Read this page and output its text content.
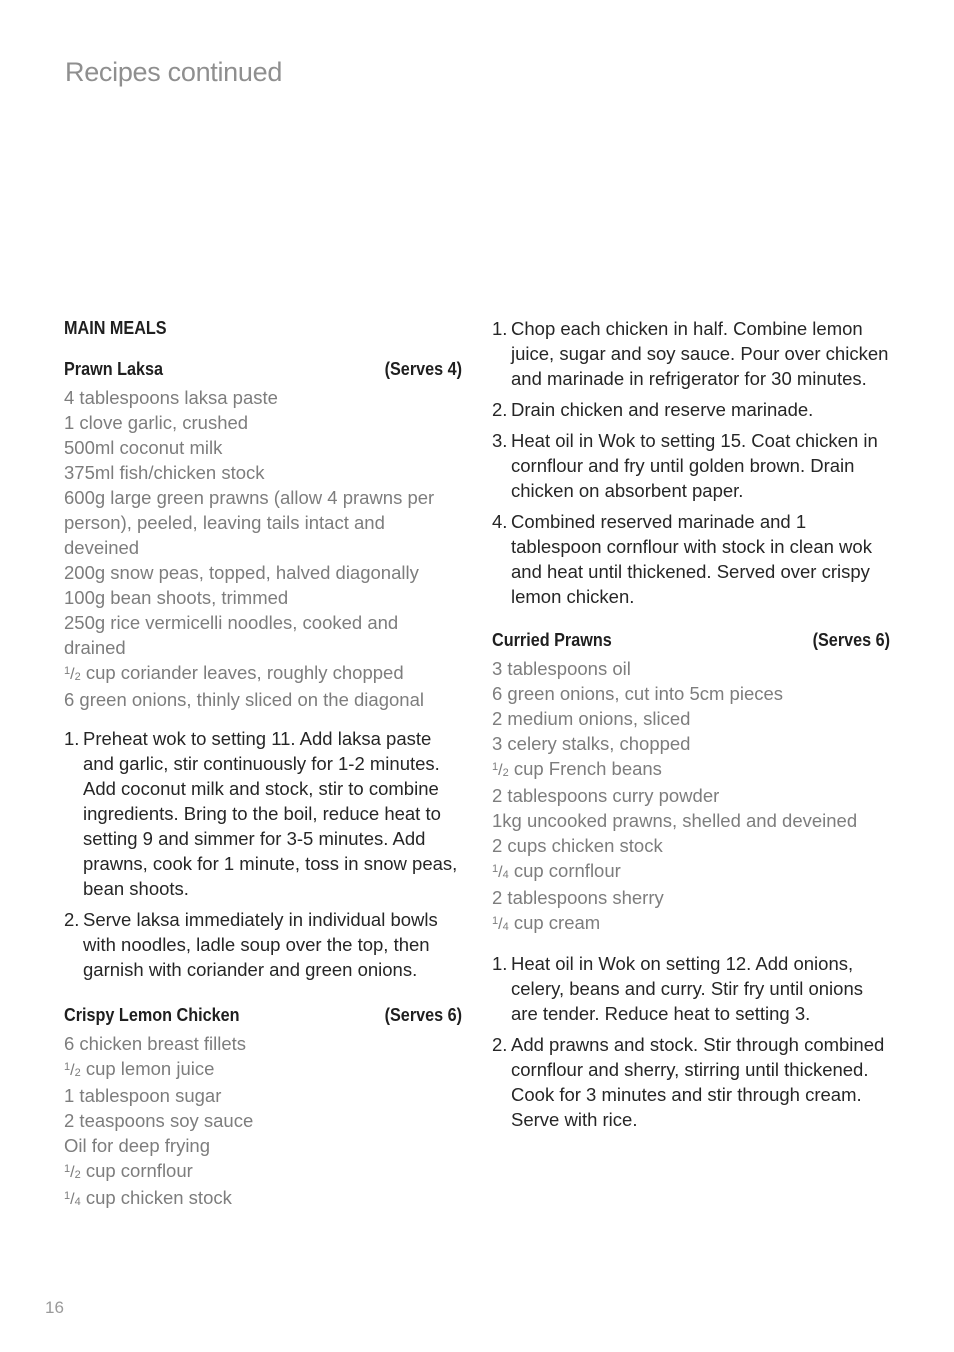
Recipes continued
MAIN MEALS
Prawn Laksa	(Serves 4)
4 tablespoons laksa paste
1 clove garlic, crushed
500ml coconut milk
375ml fish/chicken stock
600g large green prawns (allow 4 prawns per person), peeled, leaving tails intact and deveined
200g snow peas, topped, halved diagonally
100g bean shoots, trimmed
250g rice vermicelli noodles, cooked and drained
$^1$/2 cup coriander leaves, roughly chopped
6 green onions, thinly sliced on the diagonal
1. Preheat wok to setting 11. Add laksa paste and garlic, stir continuously for 1-2 minutes. Add coconut milk and stock, stir to combine ingredients. Bring to the boil, reduce heat to setting 9 and simmer for 3-5 minutes. Add prawns, cook for 1 minute, toss in snow peas, bean shoots.
2. Serve laksa immediately in individual bowls with noodles, ladle soup over the top, then garnish with coriander and green onions.
Crispy Lemon Chicken	(Serves 6)
6 chicken breast fillets
$^1$/2 cup lemon juice
1 tablespoon sugar
2 teaspoons soy sauce
Oil for deep frying
$^1$/2 cup cornflour
$^1$/4 cup chicken stock
1. Chop each chicken in half. Combine lemon juice, sugar and soy sauce. Pour over chicken and marinade in refrigerator for 30 minutes.
2. Drain chicken and reserve marinade.
3. Heat oil in Wok to setting 15. Coat chicken in cornflour and fry until golden brown. Drain chicken on absorbent paper.
4. Combined reserved marinade and 1 tablespoon cornflour with stock in clean wok and heat until thickened. Served over crispy lemon chicken.
Curried Prawns	(Serves 6)
3 tablespoons oil
6 green onions, cut into 5cm pieces
2 medium onions, sliced
3 celery stalks, chopped
$^1$/2 cup French beans
2 tablespoons curry powder
1kg uncooked prawns, shelled and deveined
2 cups chicken stock
$^1$/4 cup cornflour
2 tablespoons sherry
$^1$/4 cup cream
1. Heat oil in Wok on setting 12. Add onions, celery, beans and curry. Stir fry until onions are tender. Reduce heat to setting 3.
2. Add prawns and stock. Stir through combined cornflour and sherry, stirring until thickened. Cook for 3 minutes and stir through cream. Serve with rice.
16
